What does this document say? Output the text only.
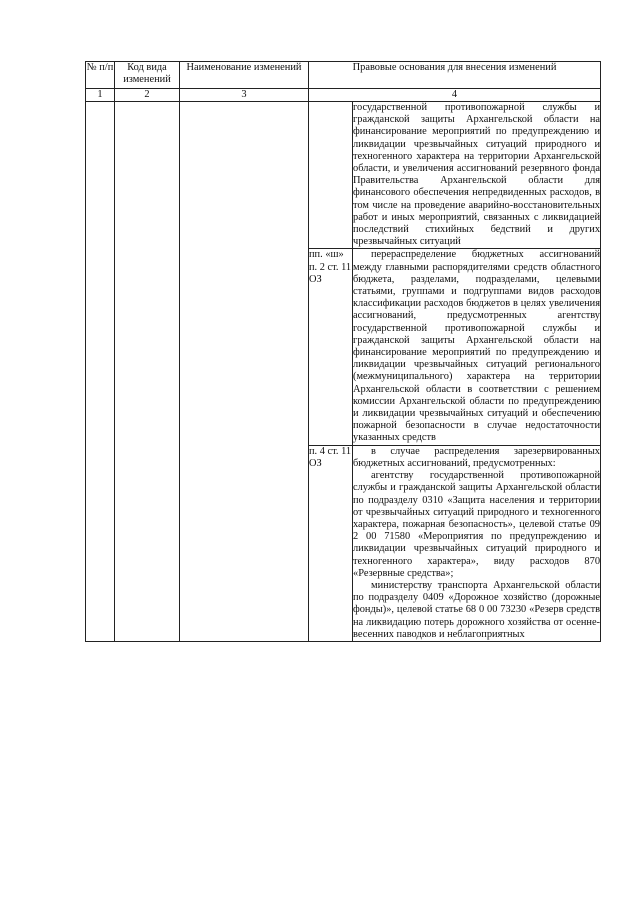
№ п/п	Код вида изменений	Наименование изменений	Правовые основания для внесения изменений	
1	2	3	4	

				государственной противопожарной службы и гражданской защиты Архангельской области на финансирование мероприятий по предупреждению и ликвидации чрезвычайных ситуаций природного и техногенного характера на территории Архангельской области, и увеличения ассигнований резервного фонда Правительства Архангельской области для финансового обеспечения непредвиденных расходов, в том числе на проведение аварийно-восстановительных работ и иных мероприятий, связанных с ликвидацией последствий стихийных бедствий и других чрезвычайных ситуаций

			пп. «ш» п. 2 ст. 11 ОЗ	перераспределение бюджетных ассигнований между главными распорядителями средств областного бюджета, разделами, подразделами, целевыми статьями, группами и подгруппами видов расходов классификации расходов бюджетов в целях увеличения ассигнований, предусмотренных агентству государственной противопожарной службы и гражданской защиты Архангельской области на финансирование мероприятий по предупреждению и ликвидации чрезвычайных ситуаций регионального (межмуниципального) характера на территории Архангельской области в соответствии с решением комиссии Архангельской области по предупреждению и ликвидации чрезвычайных ситуаций и обеспечению пожарной безопасности в случае недостаточности указанных средств

			п. 4 ст. 11 ОЗ	в случае распределения зарезервированных бюджетных ассигнований, предусмотренных:

агентству государственной противопожарной службы и гражданской защиты Архангельской области по подразделу 0310 «Защита населения и территории от чрезвычайных ситуаций природного и техногенного характера, пожарная безопасность», целевой статье 09 2 00 71580 «Мероприятия по предупреждению и ликвидации чрезвычайных ситуаций природного и техногенного характера», виду расходов 870 «Резервные средства»;

министерству транспорта Архангельской области по подразделу 0409 «Дорожное хозяйство (дорожные фонды)», целевой статье 68 0 00 73230 «Резерв средств на ликвидацию потерь дорожного хозяйства от осенне-весенних паводков и неблагоприятных
